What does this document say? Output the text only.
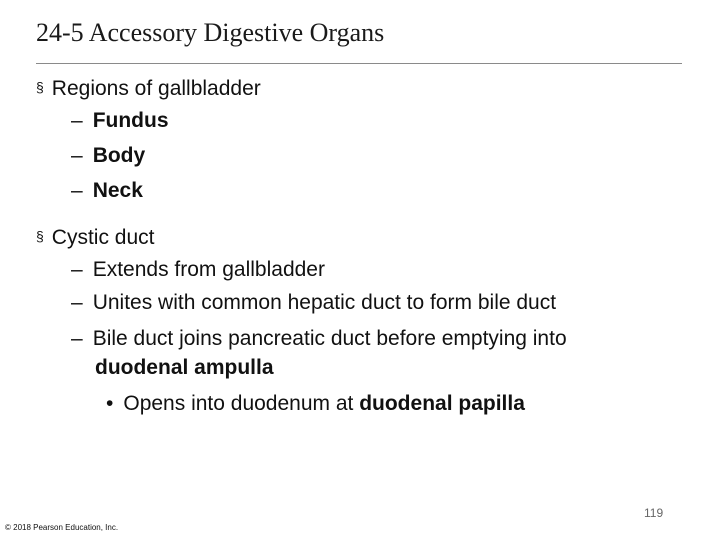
24-5 Accessory Digestive Organs
§ Regions of gallbladder
– Fundus
– Body
– Neck
§ Cystic duct
– Extends from gallbladder
– Unites with common hepatic duct to form bile duct
– Bile duct joins pancreatic duct before emptying into
duodenal ampulla
• Opens into duodenum at duodenal papilla
119
© 2018 Pearson Education, Inc.
